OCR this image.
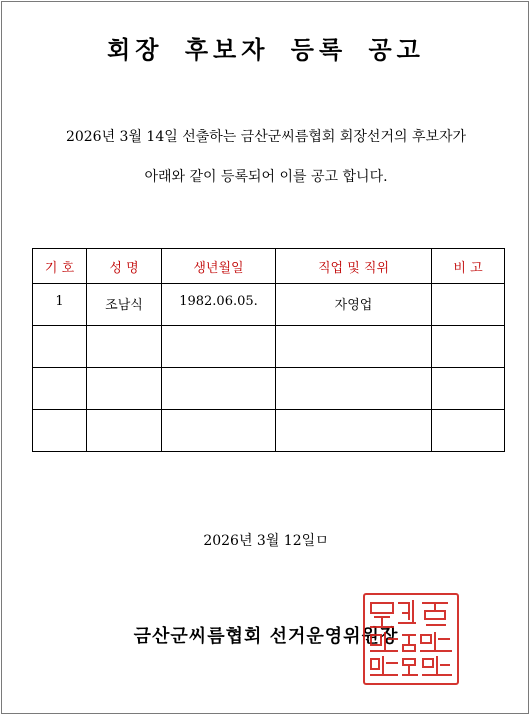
회장 후보자 등록 공고
2026년 3월 14일 선출하는 금산군씨름협회 회장선거의 후보자가
아래와 같이 등록되어 이를 공고 합니다.
기 호	성 명	생년월일	직업 및 직위	비 고
1	조남식	1982.06.05.	자영업	

2026년 3월 12일ㅁ
금산군씨름협회 선거운영위원장
